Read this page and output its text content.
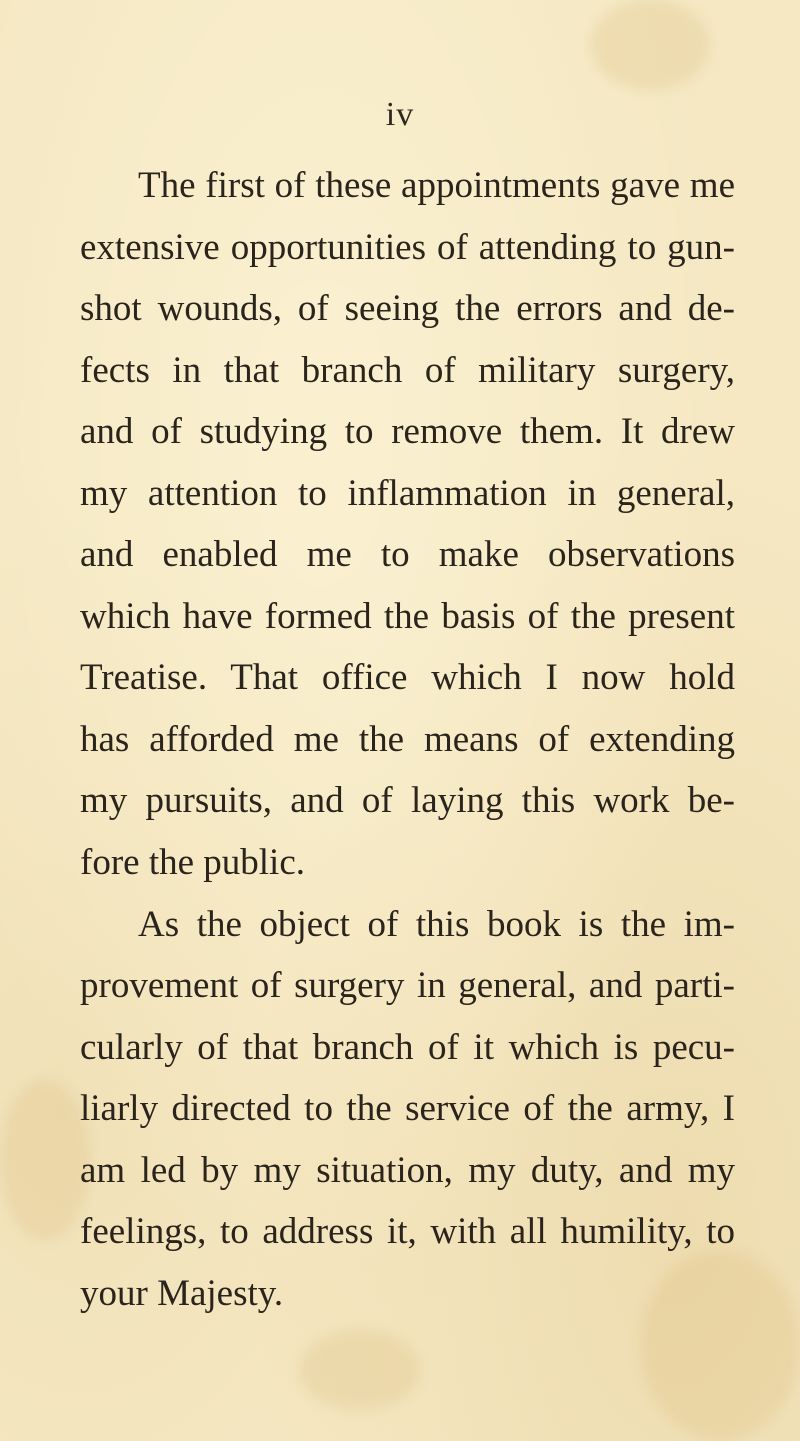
iv
The first of these appointments gave me
extensive opportunities of attending to gun-
shot wounds, of seeing the errors and de-
fects in that branch of military surgery,
and of studying to remove them. It drew
my attention to inflammation in general,
and enabled me to make observations
which have formed the basis of the present
Treatise. That office which I now hold
has afforded me the means of extending
my pursuits, and of laying this work be-
fore the public.
As the object of this book is the im-
provement of surgery in general, and parti-
cularly of that branch of it which is pecu-
liarly directed to the service of the army, I
am led by my situation, my duty, and my
feelings, to address it, with all humility, to
your Majesty.
